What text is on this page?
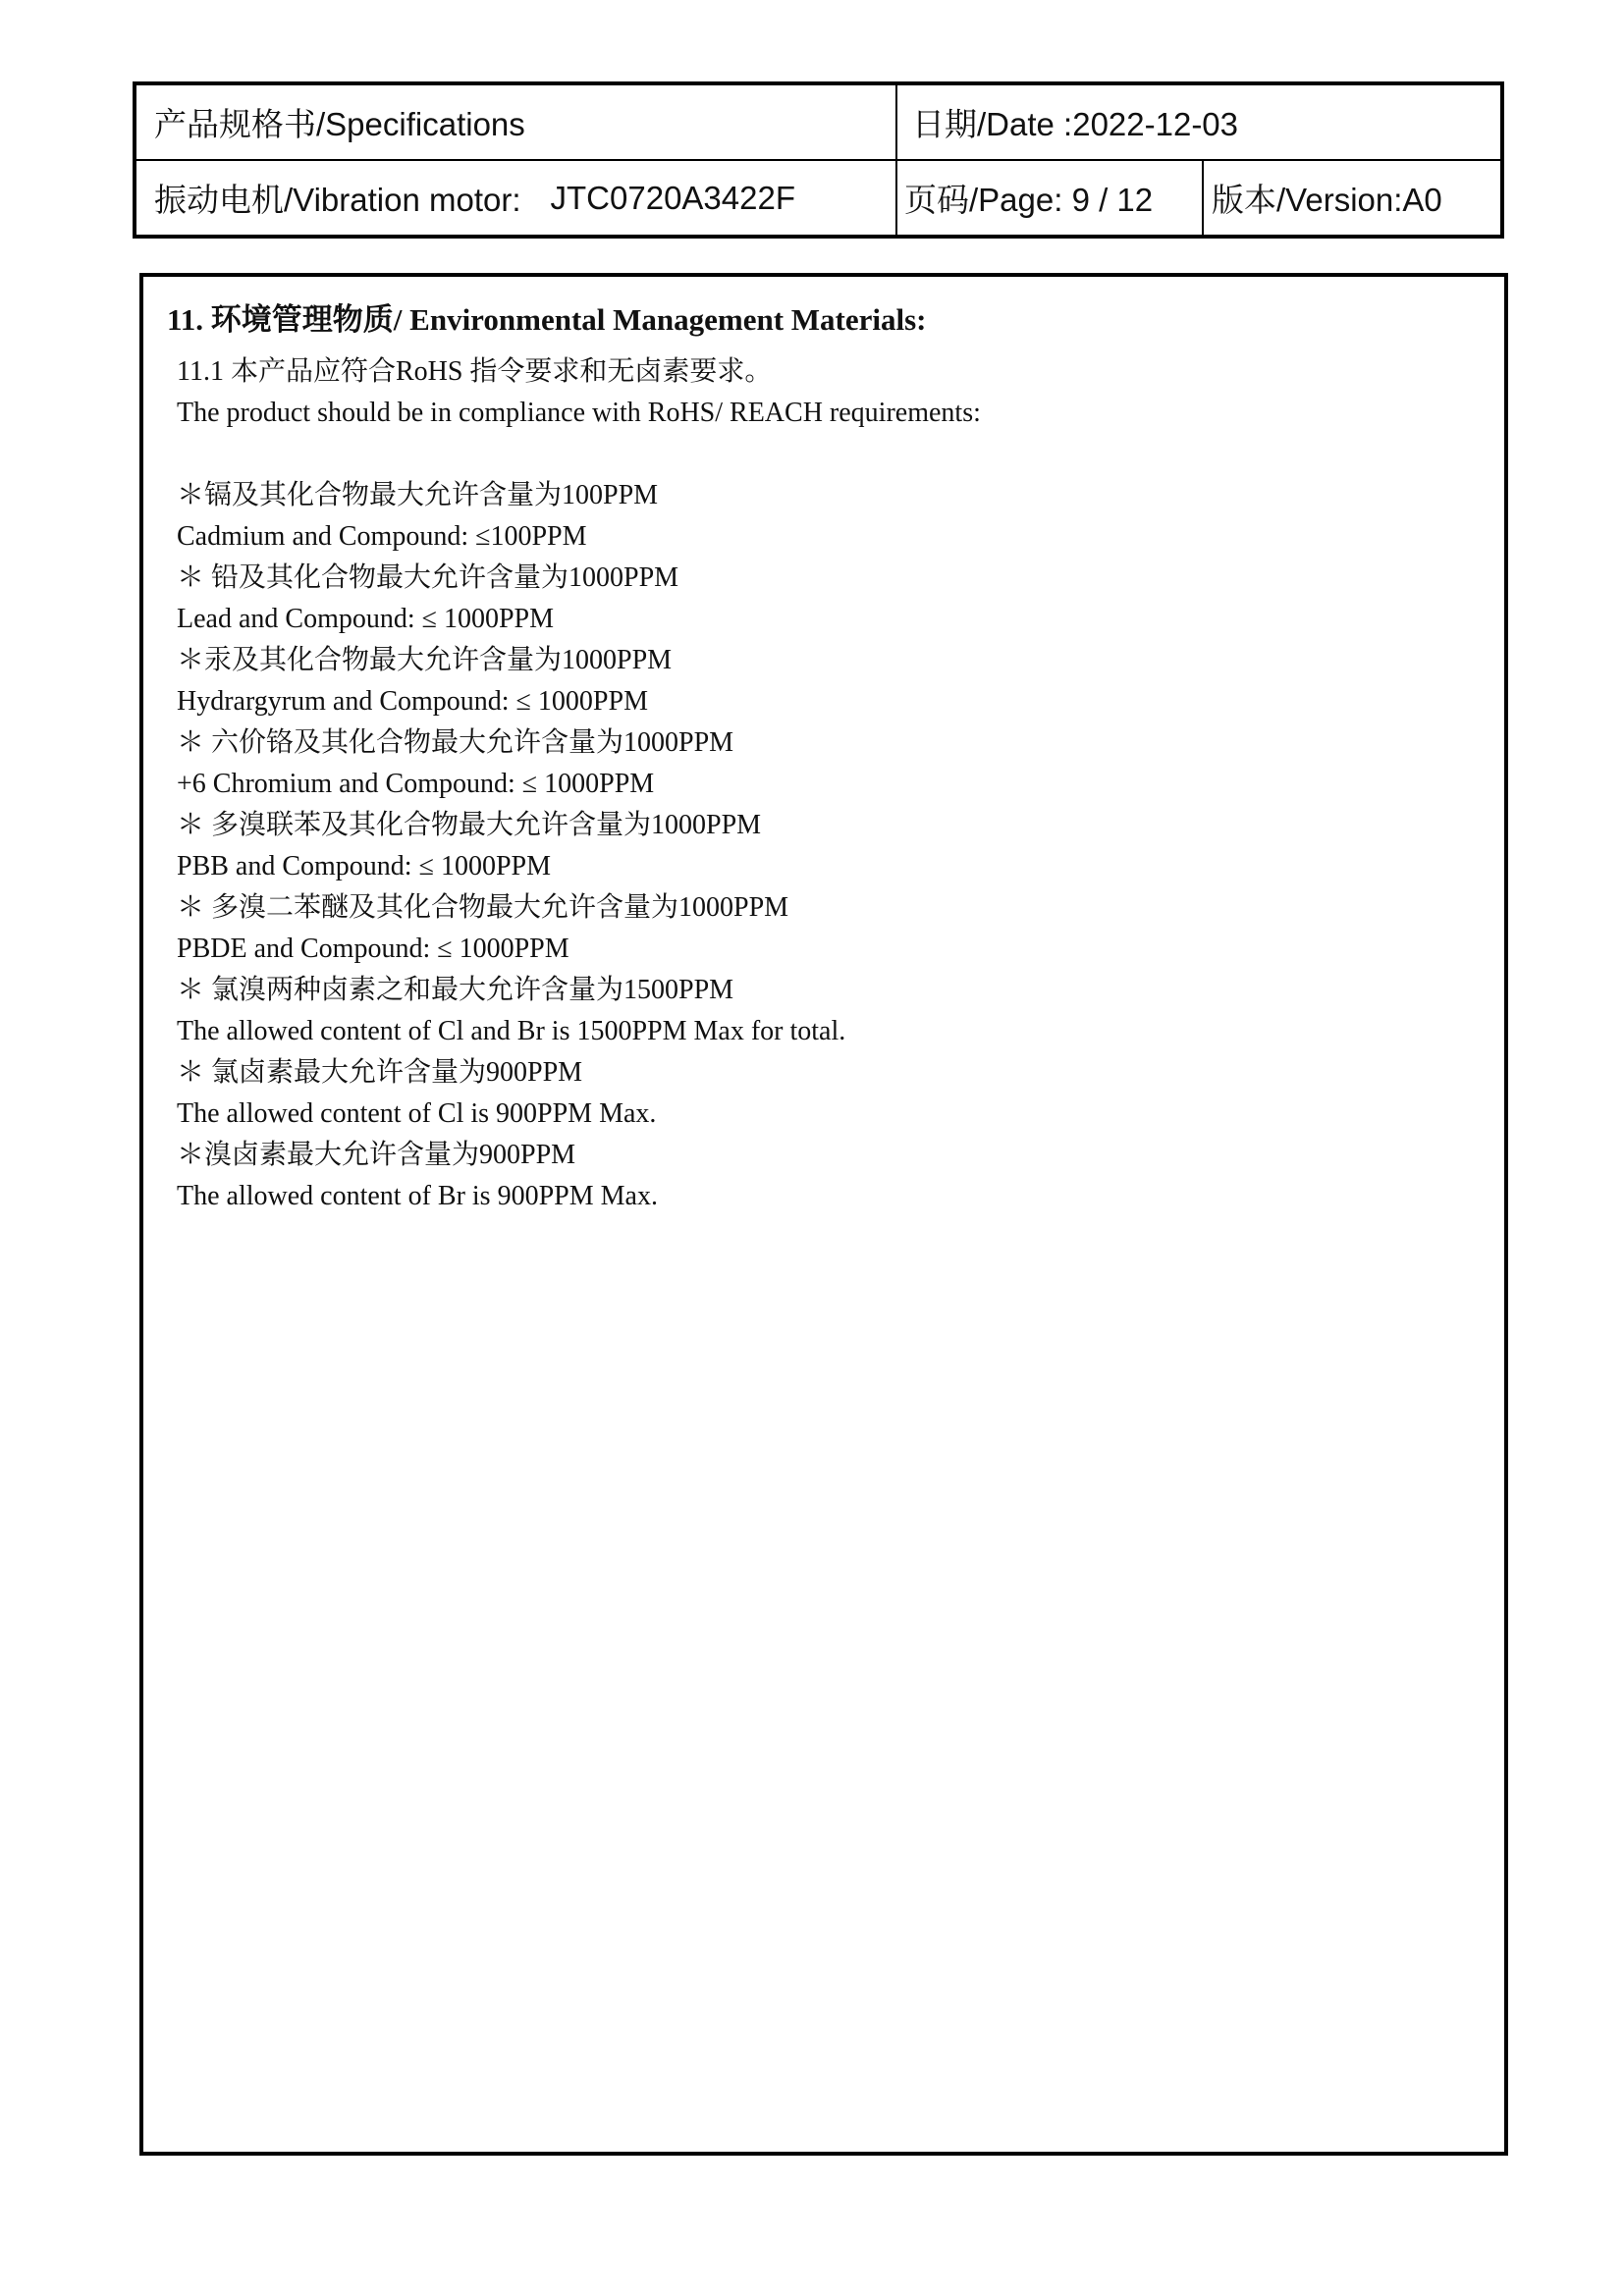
产品规格书/Specifications	日期/Date :2022-12-03
振动电机/Vibration motor: JTC0720A3422F	页码/Page: 9 / 12 版本/Version:A0
11. 环境管理物质/ Environmental Management Materials:
11.1 本产品应符合RoHS 指令要求和无卤素要求。
The product should be in compliance with RoHS/ REACH requirements:
＊镉及其化合物最大允许含量为100PPM
Cadmium and Compound: ≤100PPM
＊ 铅及其化合物最大允许含量为1000PPM
Lead and Compound: ≤ 1000PPM
＊汞及其化合物最大允许含量为1000PPM
Hydrargyrum and Compound: ≤ 1000PPM
＊ 六价铬及其化合物最大允许含量为1000PPM
+6 Chromium and Compound: ≤ 1000PPM
＊ 多溴联苯及其化合物最大允许含量为1000PPM
PBB and Compound: ≤ 1000PPM
＊ 多溴二苯醚及其化合物最大允许含量为1000PPM
PBDE and Compound: ≤ 1000PPM
＊ 氯溴两种卤素之和最大允许含量为1500PPM
The allowed content of Cl and Br is 1500PPM Max for total.
＊ 氯卤素最大允许含量为900PPM
The allowed content of Cl is 900PPM Max.
＊溴卤素最大允许含量为900PPM
The allowed content of Br is 900PPM Max.
